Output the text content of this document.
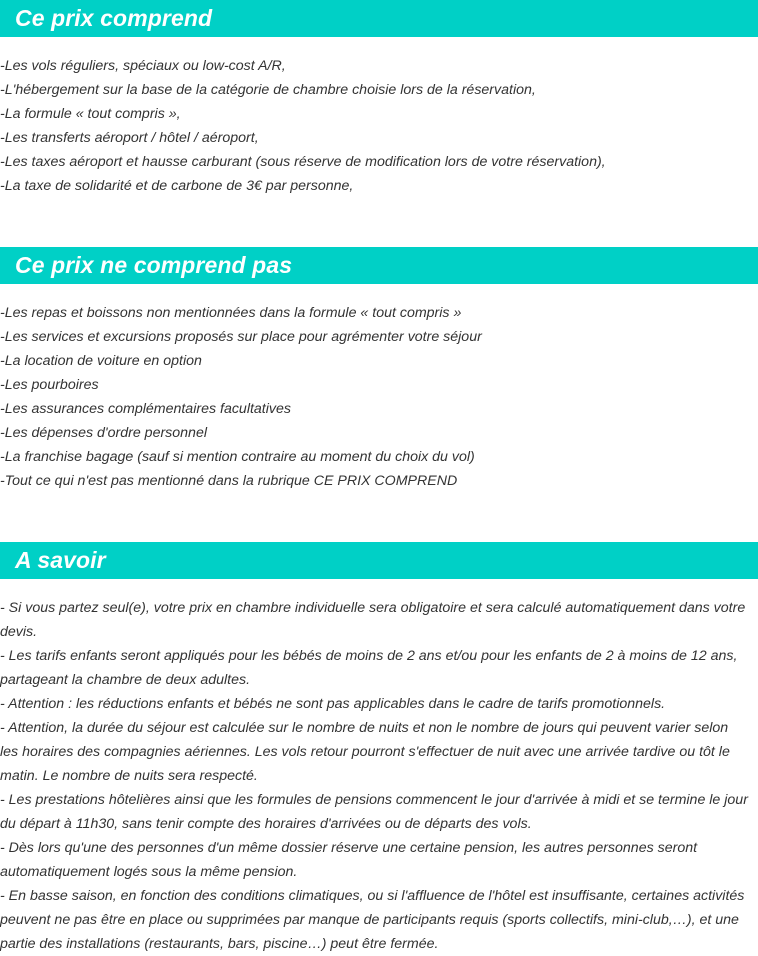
Ce prix comprend
-Les vols réguliers, spéciaux ou low-cost A/R,
-L'hébergement sur la base de la catégorie de chambre choisie lors de la réservation,
-La formule « tout compris »,
-Les transferts aéroport / hôtel / aéroport,
-Les taxes aéroport et hausse carburant (sous réserve de modification lors de votre réservation),
-La taxe de solidarité et de carbone de 3€ par personne,
Ce prix ne comprend pas
-Les repas et boissons non mentionnées dans la formule « tout compris »
-Les services et excursions proposés sur place pour agrémenter votre séjour
-La location de voiture en option
-Les pourboires
-Les assurances complémentaires facultatives
-Les dépenses d'ordre personnel
-La franchise bagage (sauf si mention contraire au moment du choix du vol)
-Tout ce qui n'est pas mentionné dans la rubrique CE PRIX COMPREND
A savoir

- Si vous partez seul(e), votre prix en chambre individuelle sera obligatoire et sera calculé automatiquement dans votre devis.

- Les tarifs enfants seront appliqués pour les bébés de moins de 2 ans et/ou pour les enfants de 2 à moins de 12 ans, partageant la chambre de deux adultes.

- Attention : les réductions enfants et bébés ne sont pas applicables dans le cadre de tarifs promotionnels.

- Attention, la durée du séjour est calculée sur le nombre de nuits et non le nombre de jours qui peuvent varier selon les horaires des compagnies aériennes. Les vols retour pourront s'effectuer de nuit avec une arrivée tardive ou tôt le matin. Le nombre de nuits sera respecté.

- Les prestations hôtelières ainsi que les formules de pensions commencent le jour d'arrivée à midi et se termine le jour du départ à 11h30, sans tenir compte des horaires d'arrivées ou de départs des vols.

- Dès lors qu'une des personnes d'un même dossier réserve une certaine pension, les autres personnes seront automatiquement logés sous la même pension.

- En basse saison, en fonction des conditions climatiques, ou si l'affluence de l'hôtel est insuffisante, certaines activités peuvent ne pas être en place ou supprimées par manque de participants requis (sports collectifs, mini-club,…), et une partie des installations (restaurants, bars, piscine…) peut être fermée.
